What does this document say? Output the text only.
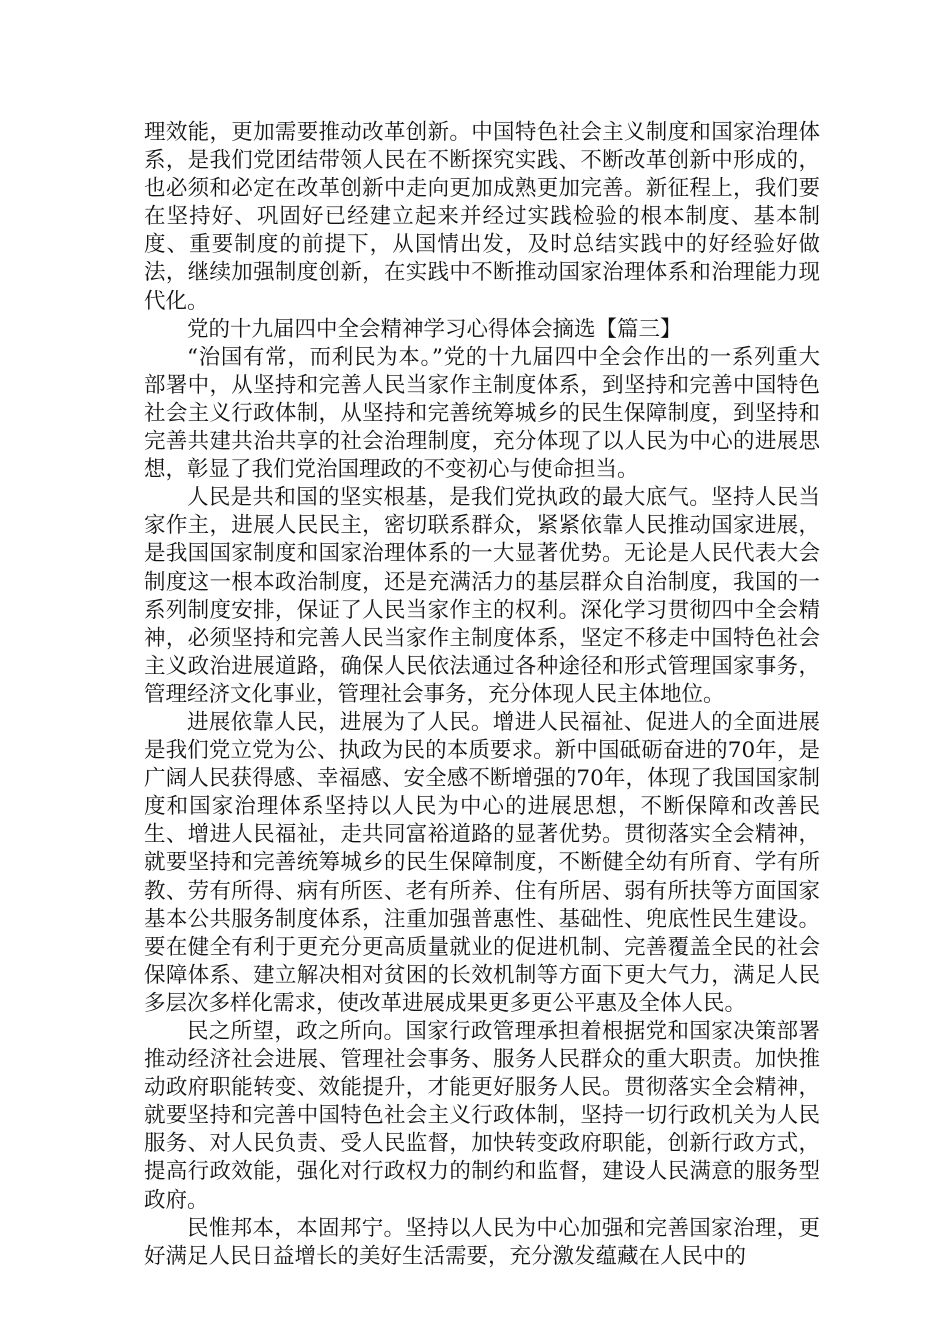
理效能，更加需要推动改革创新。中国特色社会主义制度和国家治理体系，是我们党团结带领人民在不断探究实践、不断改革创新中形成的，也必须和必定在改革创新中走向更加成熟更加完善。新征程上，我们要在坚持好、巩固好已经建立起来并经过实践检验的根本制度、基本制度、重要制度的前提下，从国情出发，及时总结实践中的好经验好做法，继续加强制度创新，在实践中不断推动国家治理体系和治理能力现代化。

党的十九届四中全会精神学习心得体会摘选【篇三】

“治国有常，而利民为本。”党的十九届四中全会作出的一系列重大部署中，从坚持和完善人民当家作主制度体系，到坚持和完善中国特色社会主义行政体制，从坚持和完善统筹城乡的民生保障制度，到坚持和完善共建共治共享的社会治理制度，充分体现了以人民为中心的进展思想，彰显了我们党治国理政的不变初心与使命担当。

人民是共和国的坚实根基，是我们党执政的最大底气。坚持人民当家作主，进展人民民主，密切联系群众，紧紧依靠人民推动国家进展，是我国国家制度和国家治理体系的一大显著优势。无论是人民代表大会制度这一根本政治制度，还是充满活力的基层群众自治制度，我国的一系列制度安排，保证了人民当家作主的权利。深化学习贯彻四中全会精神，必须坚持和完善人民当家作主制度体系，坚定不移走中国特色社会主义政治进展道路，确保人民依法通过各种途径和形式管理国家事务，管理经济文化事业，管理社会事务，充分体现人民主体地位。

进展依靠人民，进展为了人民。增进人民福祉、促进人的全面进展是我们党立党为公、执政为民的本质要求。新中国砥砺奋进的70年，是广阔人民获得感、幸福感、安全感不断增强的70年，体现了我国国家制度和国家治理体系坚持以人民为中心的进展思想，不断保障和改善民生、增进人民福祉，走共同富裕道路的显著优势。贯彻落实全会精神，就要坚持和完善统筹城乡的民生保障制度，不断健全幼有所育、学有所教、劳有所得、病有所医、老有所养、住有所居、弱有所扶等方面国家基本公共服务制度体系，注重加强普惠性、基础性、兜底性民生建设。要在健全有利于更充分更高质量就业的促进机制、完善覆盖全民的社会保障体系、建立解决相对贫困的长效机制等方面下更大气力，满足人民多层次多样化需求，使改革进展成果更多更公平惠及全体人民。

民之所望，政之所向。国家行政管理承担着根据党和国家决策部署推动经济社会进展、管理社会事务、服务人民群众的重大职责。加快推动政府职能转变、效能提升，才能更好服务人民。贯彻落实全会精神，就要坚持和完善中国特色社会主义行政体制，坚持一切行政机关为人民服务、对人民负责、受人民监督，加快转变政府职能，创新行政方式，提高行政效能，强化对行政权力的制约和监督，建设人民满意的服务型政府。

民惟邦本，本固邦宁。坚持以人民为中心加强和完善国家治理，更好满足人民日益增长的美好生活需要，充分激发蕴藏在人民中的
